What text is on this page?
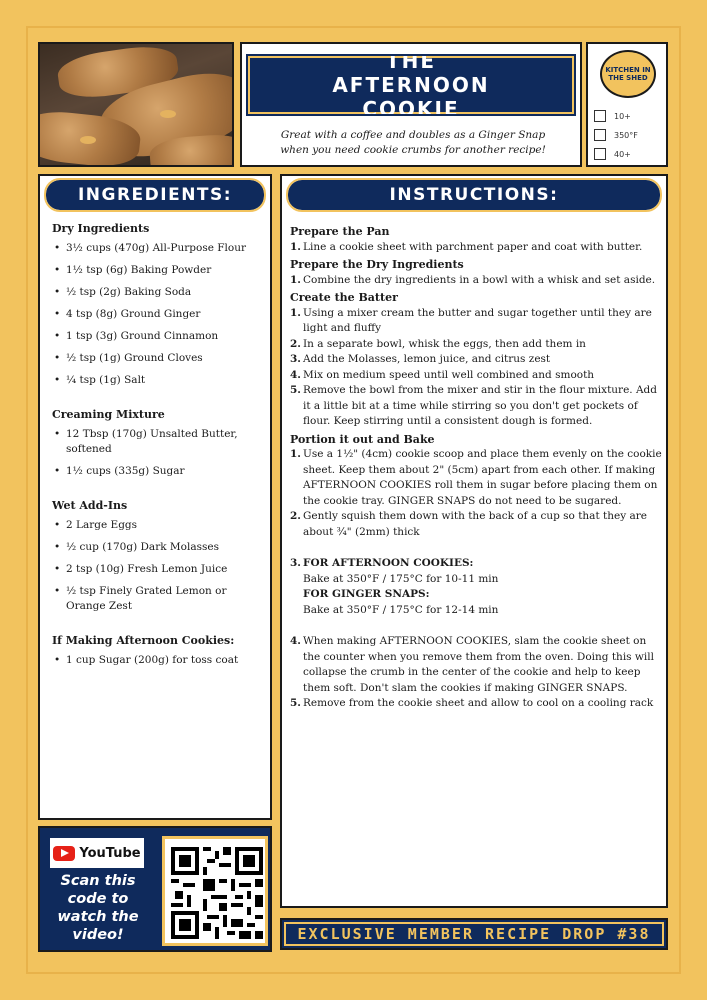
THE AFTERNOON COOKIE

Great with a coffee and doubles as a Ginger Snap when you need cookie crumbs for another recipe!

KITCHEN IN THE SHED
10+
350°F
40+
INGREDIENTS:
Dry Ingredients
• 3½ cups (470g) All-Purpose Flour
• 1½ tsp (6g) Baking Powder
• ½ tsp (2g) Baking Soda
• 4 tsp (8g) Ground Ginger
• 1 tsp (3g) Ground Cinnamon
• ½ tsp (1g) Ground Cloves
• ¼ tsp (1g) Salt
Creaming Mixture
• 12 Tbsp (170g) Unsalted Butter, softened
• 1½ cups (335g) Sugar
Wet Add-Ins
• 2 Large Eggs
• ½ cup (170g) Dark Molasses
• 2 tsp (10g) Fresh Lemon Juice
• ½ tsp Finely Grated Lemon or Orange Zest
If Making Afternoon Cookies:
• 1 cup Sugar (200g) for toss coat
INSTRUCTIONS:
Prepare the Pan
1. Line a cookie sheet with parchment paper and coat with butter.
Prepare the Dry Ingredients
1. Combine the dry ingredients in a bowl with a whisk and set aside.
Create the Batter
1. Using a mixer cream the butter and sugar together until they are light and fluffy
2. In a separate bowl, whisk the eggs, then add them in
3. Add the Molasses, lemon juice, and citrus zest
4. Mix on medium speed until well combined and smooth
5. Remove the bowl from the mixer and stir in the flour mixture. Add it a little bit at a time while stirring so you don't get pockets of flour. Keep stirring until a consistent dough is formed.
Portion it out and Bake
1. Use a 1½" (4cm) cookie scoop and place them evenly on the cookie sheet. Keep them about 2" (5cm) apart from each other. If making AFTERNOON COOKIES roll them in sugar before placing them on the cookie tray. GINGER SNAPS do not need to be sugared.
2. Gently squish them down with the back of a cup so that they are about ¾" (2mm) thick
3. FOR AFTERNOON COOKIES:
Bake at 350°F / 175°C for 10-11 min
FOR GINGER SNAPS:
Bake at 350°F / 175°C for 12-14 min
4. When making AFTERNOON COOKIES, slam the cookie sheet on the counter when you remove them from the oven. Doing this will collapse the crumb in the center of the cookie and help to keep them soft. Don't slam the cookies if making GINGER SNAPS.
5. Remove from the cookie sheet and allow to cool on a cooling rack
YouTube
Scan this code to watch the video!	EXCLUSIVE MEMBER RECIPE DROP #38
